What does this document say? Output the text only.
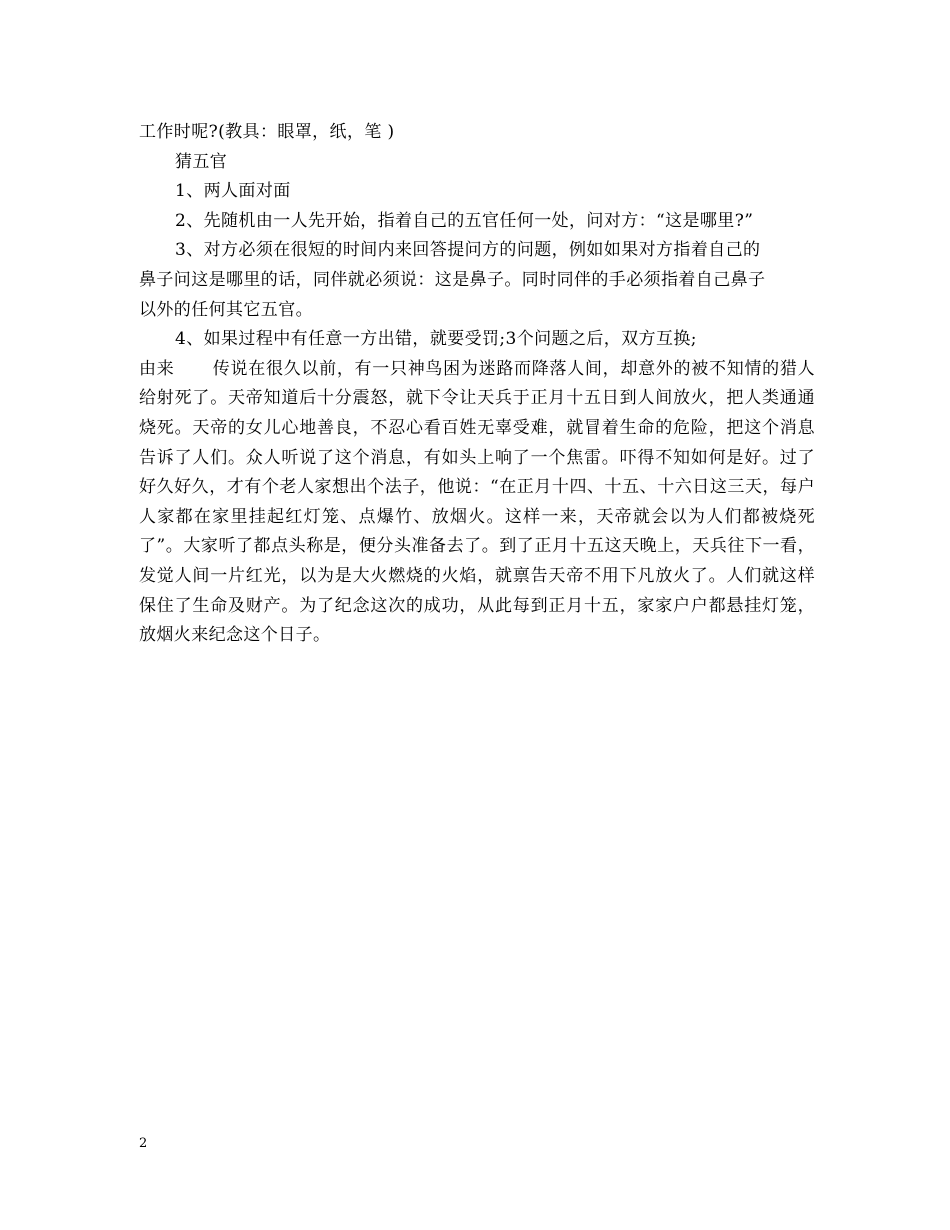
工作时呢?(教具：眼罩，纸，笔 )

猜五官

1、两人面对面

2、先随机由一人先开始，指着自己的五官任何一处，问对方：“这是哪里?”

3、对方必须在很短的时间内来回答提问方的问题，例如如果对方指着自己的

鼻子问这是哪里的话，同伴就必须说：这是鼻子。同时同伴的手必须指着自己鼻子

以外的任何其它五官。

4、如果过程中有任意一方出错，就要受罚;3个问题之后，双方互换;

由来 传说在很久以前，有一只神鸟困为迷路而降落人间，却意外的被不知情的猎人给射死了。天帝知道后十分震怒，就下令让天兵于正月十五日到人间放火，把人类通通烧死。天帝的女儿心地善良，不忍心看百姓无辜受难，就冒着生命的危险，把这个消息告诉了人们。众人听说了这个消息，有如头上响了一个焦雷。吓得不知如何是好。过了好久好久，才有个老人家想出个法子，他说：“在正月十四、十五、十六日这三天，每户人家都在家里挂起红灯笼、点爆竹、放烟火。这样一来，天帝就会以为人们都被烧死了”。大家听了都点头称是，便分头准备去了。到了正月十五这天晚上，天兵往下一看，发觉人间一片红光，以为是大火燃烧的火焰，就禀告天帝不用下凡放火了。人们就这样保住了生命及财产。为了纪念这次的成功，从此每到正月十五，家家户户都悬挂灯笼，放烟火来纪念这个日子。

2
